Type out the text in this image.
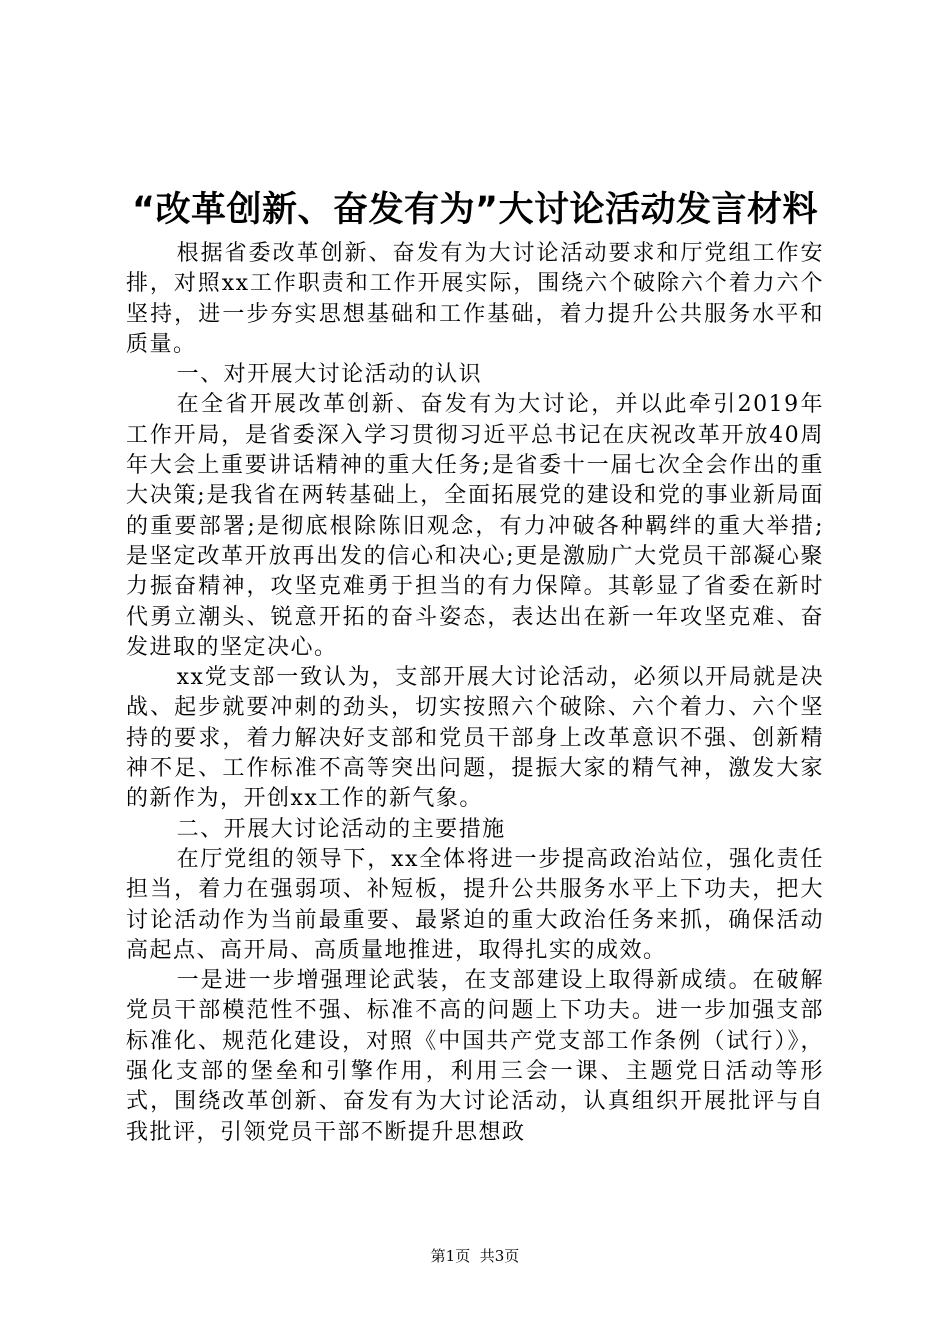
“改革创新、奋发有为”大讨论活动发言材料

根据省委改革创新、奋发有为大讨论活动要求和厅党组工作安排，对照xx工作职责和工作开展实际，围绕六个破除六个着力六个坚持，进一步夯实思想基础和工作基础，着力提升公共服务水平和质量。

一、对开展大讨论活动的认识

在全省开展改革创新、奋发有为大讨论，并以此牵引2019年工作开局，是省委深入学习贯彻习近平总书记在庆祝改革开放40周年大会上重要讲话精神的重大任务;是省委十一届七次全会作出的重大决策;是我省在两转基础上，全面拓展党的建设和党的事业新局面的重要部署;是彻底根除陈旧观念，有力冲破各种羁绊的重大举措;是坚定改革开放再出发的信心和决心;更是激励广大党员干部凝心聚力振奋精神，攻坚克难勇于担当的有力保障。其彰显了省委在新时代勇立潮头、锐意开拓的奋斗姿态，表达出在新一年攻坚克难、奋发进取的坚定决心。

xx党支部一致认为，支部开展大讨论活动，必须以开局就是决战、起步就要冲刺的劲头，切实按照六个破除、六个着力、六个坚持的要求，着力解决好支部和党员干部身上改革意识不强、创新精神不足、工作标准不高等突出问题，提振大家的精气神，激发大家的新作为，开创xx工作的新气象。

二、开展大讨论活动的主要措施

在厅党组的领导下，xx全体将进一步提高政治站位，强化责任担当，着力在强弱项、补短板，提升公共服务水平上下功夫，把大讨论活动作为当前最重要、最紧迫的重大政治任务来抓，确保活动高起点、高开局、高质量地推进，取得扎实的成效。

一是进一步增强理论武装，在支部建设上取得新成绩。在破解党员干部模范性不强、标准不高的问题上下功夫。进一步加强支部标准化、规范化建设，对照《中国共产党支部工作条例（试行）》，强化支部的堡垒和引擎作用，利用三会一课、主题党日活动等形式，围绕改革创新、奋发有为大讨论活动，认真组织开展批评与自我批评，引领党员干部不断提升思想政

第1页 共3页
